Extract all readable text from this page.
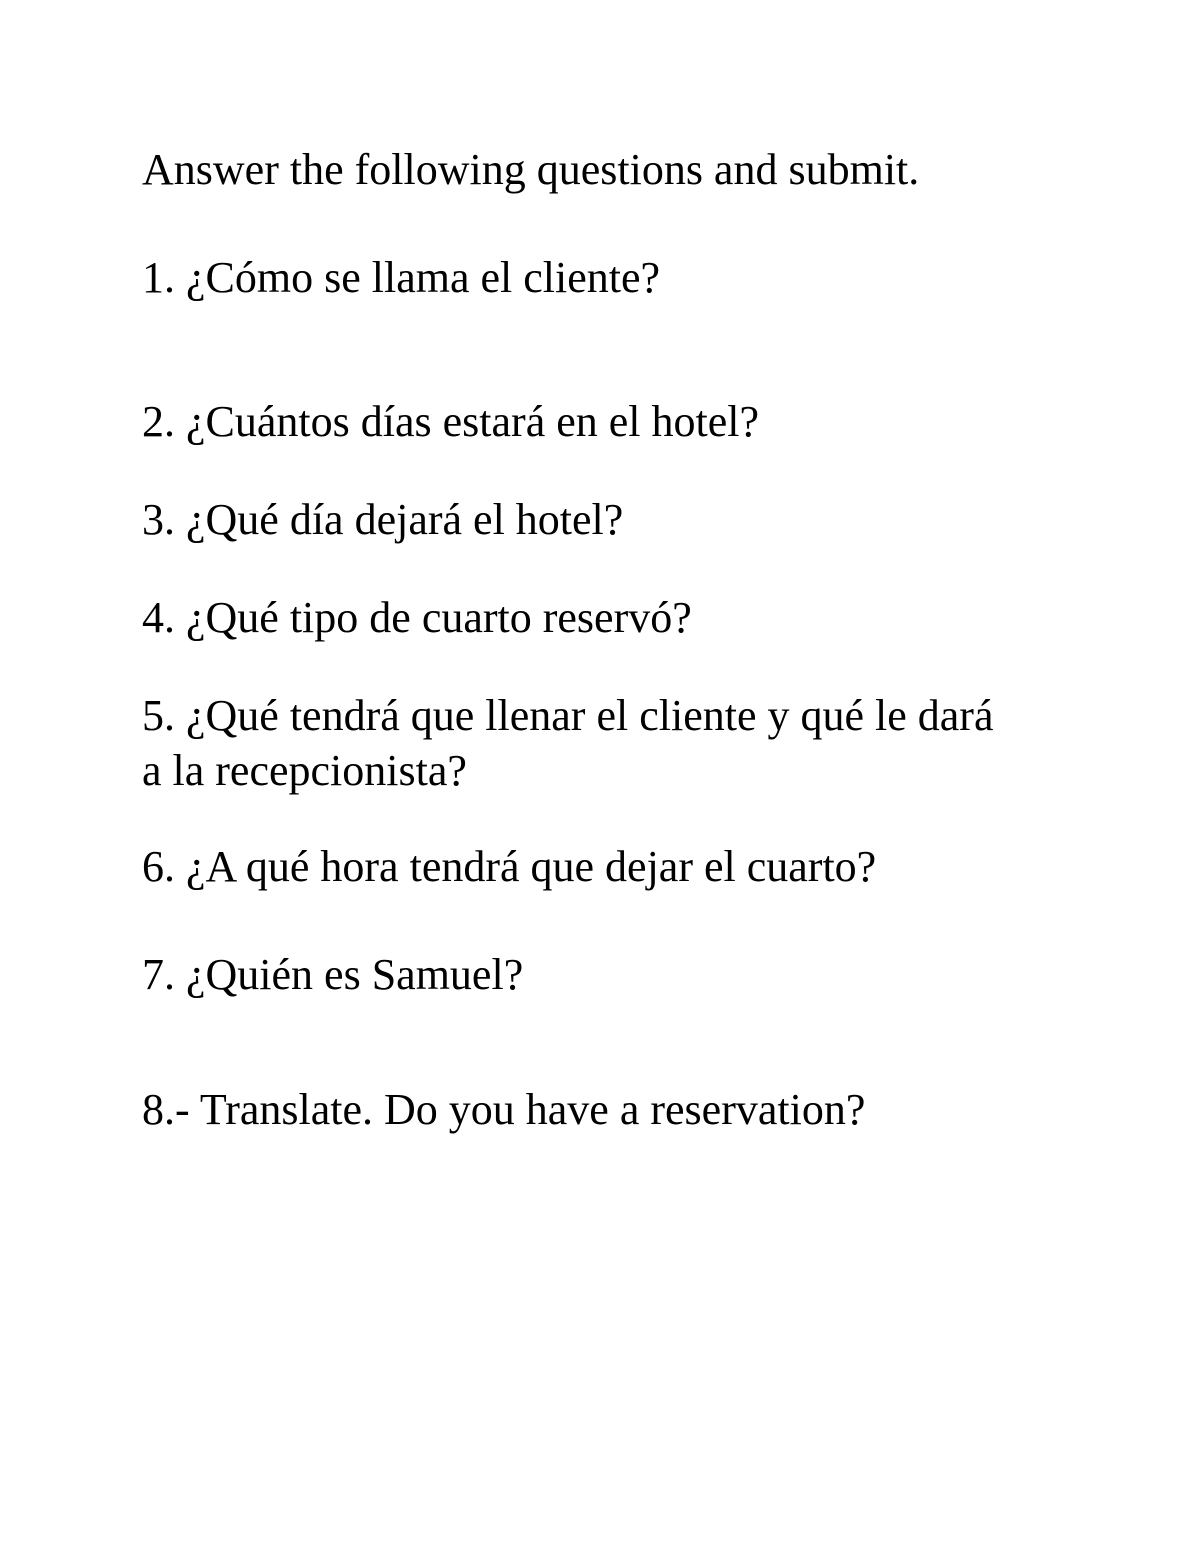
Answer the following questions and submit.

1. ¿Cómo se llama el cliente?

2. ¿Cuántos días estará en el hotel?

3. ¿Qué día dejará el hotel?

4. ¿Qué tipo de cuarto reservó?

5. ¿Qué tendrá que llenar el cliente y qué le dará

a la recepcionista?

6. ¿A qué hora tendrá que dejar el cuarto?

7. ¿Quién es Samuel?

8.- Translate. Do you have a reservation?
